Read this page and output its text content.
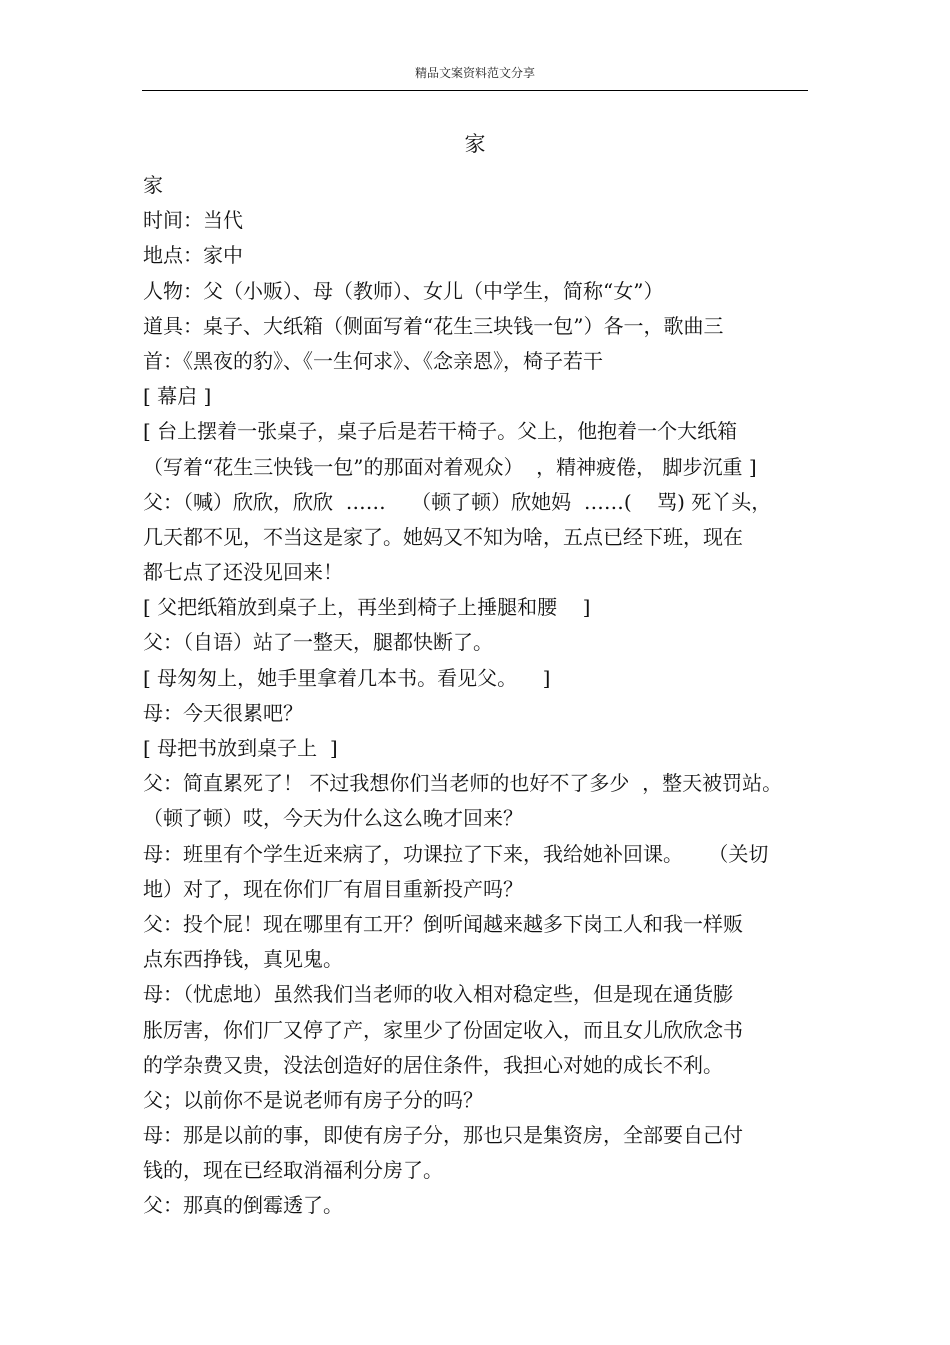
精品文案资料范文分享
家
家
时间：当代
地点：家中
人物：父（小贩）、母（教师）、女儿（中学生，简称“女”）
道具：桌子、大纸箱（侧面写着“花生三块钱一包”）各一，歌曲三
首：《黑夜的豹》、《一生何求》、《念亲恩》，椅子若干
[ 幕启 ]
[ 台上摆着一张桌子，桌子后是若干椅子。父上，他抱着一个大纸箱
（写着“花生三快钱一包”的那面对着观众）  ，精神疲倦， 脚步沉重 ]
父：（喊）欣欣，欣欣  ……    （顿了顿）欣她妈  ……(    骂) 死丫头，
几天都不见，不当这是家了。她妈又不知为啥，五点已经下班，现在
都七点了还没见回来！
[ 父把纸箱放到桌子上，再坐到椅子上捶腿和腰    ]
父：（自语）站了一整天，腿都快断了。
[ 母匆匆上，她手里拿着几本书。看见父。    ]
母：今天很累吧？
[ 母把书放到桌子上  ]
父：简直累死了！ 不过我想你们当老师的也好不了多少  ，整天被罚站。
（顿了顿）哎，今天为什么这么晚才回来？
母：班里有个学生近来病了，功课拉了下来，我给她补回课。    （关切
地）对了，现在你们厂有眉目重新投产吗？
父：投个屁！现在哪里有工开？倒听闻越来越多下岗工人和我一样贩
点东西挣钱，真见鬼。
母：（忧虑地）虽然我们当老师的收入相对稳定些，但是现在通货膨
胀厉害，你们厂又停了产，家里少了份固定收入，而且女儿欣欣念书
的学杂费又贵，没法创造好的居住条件，我担心对她的成长不利。
父；以前你不是说老师有房子分的吗？
母：那是以前的事，即使有房子分，那也只是集资房，全部要自己付
钱的，现在已经取消福利分房了。
父：那真的倒霉透了。
